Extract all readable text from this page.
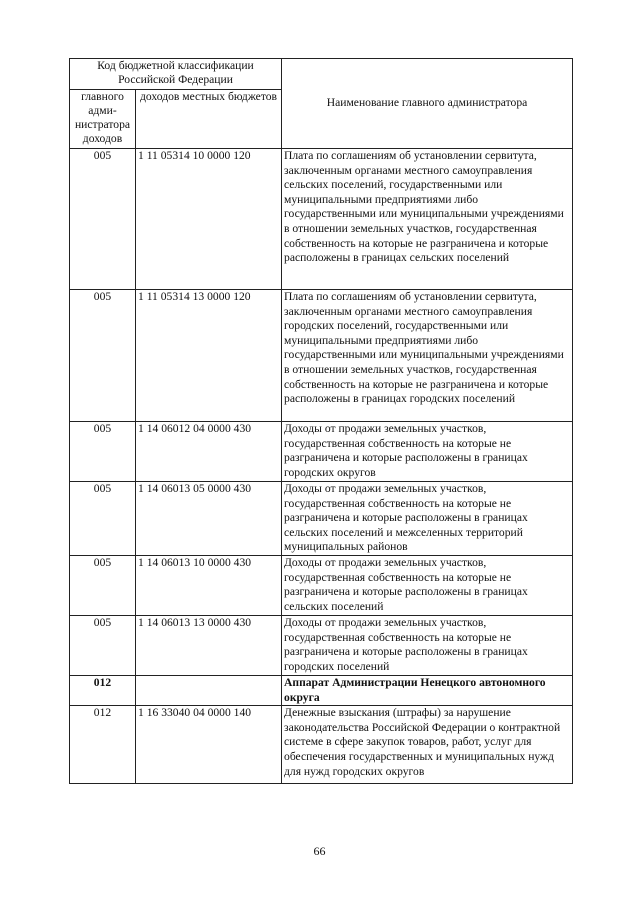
Код бюджетной классификации Российской Федерации		Наименование главного администратора
главного адми-нистратора доходов	доходов местных бюджетов	
005	1 11 05314 10 0000 120	Плата по соглашениям об установлении сервитута, заключенным органами местного самоуправления сельских поселений, государственными или муниципальными предприятиями либо государственными или муниципальными учреждениями в отношении земельных участков, государственная собственность на которые не разграничена и которые расположены в границах сельских поселений
005	1 11 05314 13 0000 120	Плата по соглашениям об установлении сервитута, заключенным органами местного самоуправления городских поселений, государственными или муниципальными предприятиями либо государственными или муниципальными учреждениями в отношении земельных участков, государственная собственность на которые не разграничена и которые расположены в границах городских поселений
005	1 14 06012 04 0000 430	Доходы от продажи земельных участков, государственная собственность на которые не разграничена и которые расположены в границах городских округов
005	1 14 06013 05 0000 430	Доходы от продажи земельных участков, государственная собственность на которые не разграничена и которые расположены в границах сельских поселений и межселенных территорий муниципальных районов
005	1 14 06013 10 0000 430	Доходы от продажи земельных участков, государственная собственность на которые не разграничена и которые расположены в границах сельских поселений
005	1 14 06013 13 0000 430	Доходы от продажи земельных участков, государственная собственность на которые не разграничена и которые расположены в границах городских поселений
012		Аппарат Администрации Ненецкого автономного округа
012	1 16 33040 04 0000 140	Денежные взыскания (штрафы) за нарушение законодательства Российской Федерации о контрактной системе в сфере закупок товаров, работ, услуг для обеспечения государственных и муниципальных нужд для нужд городских округов
66
